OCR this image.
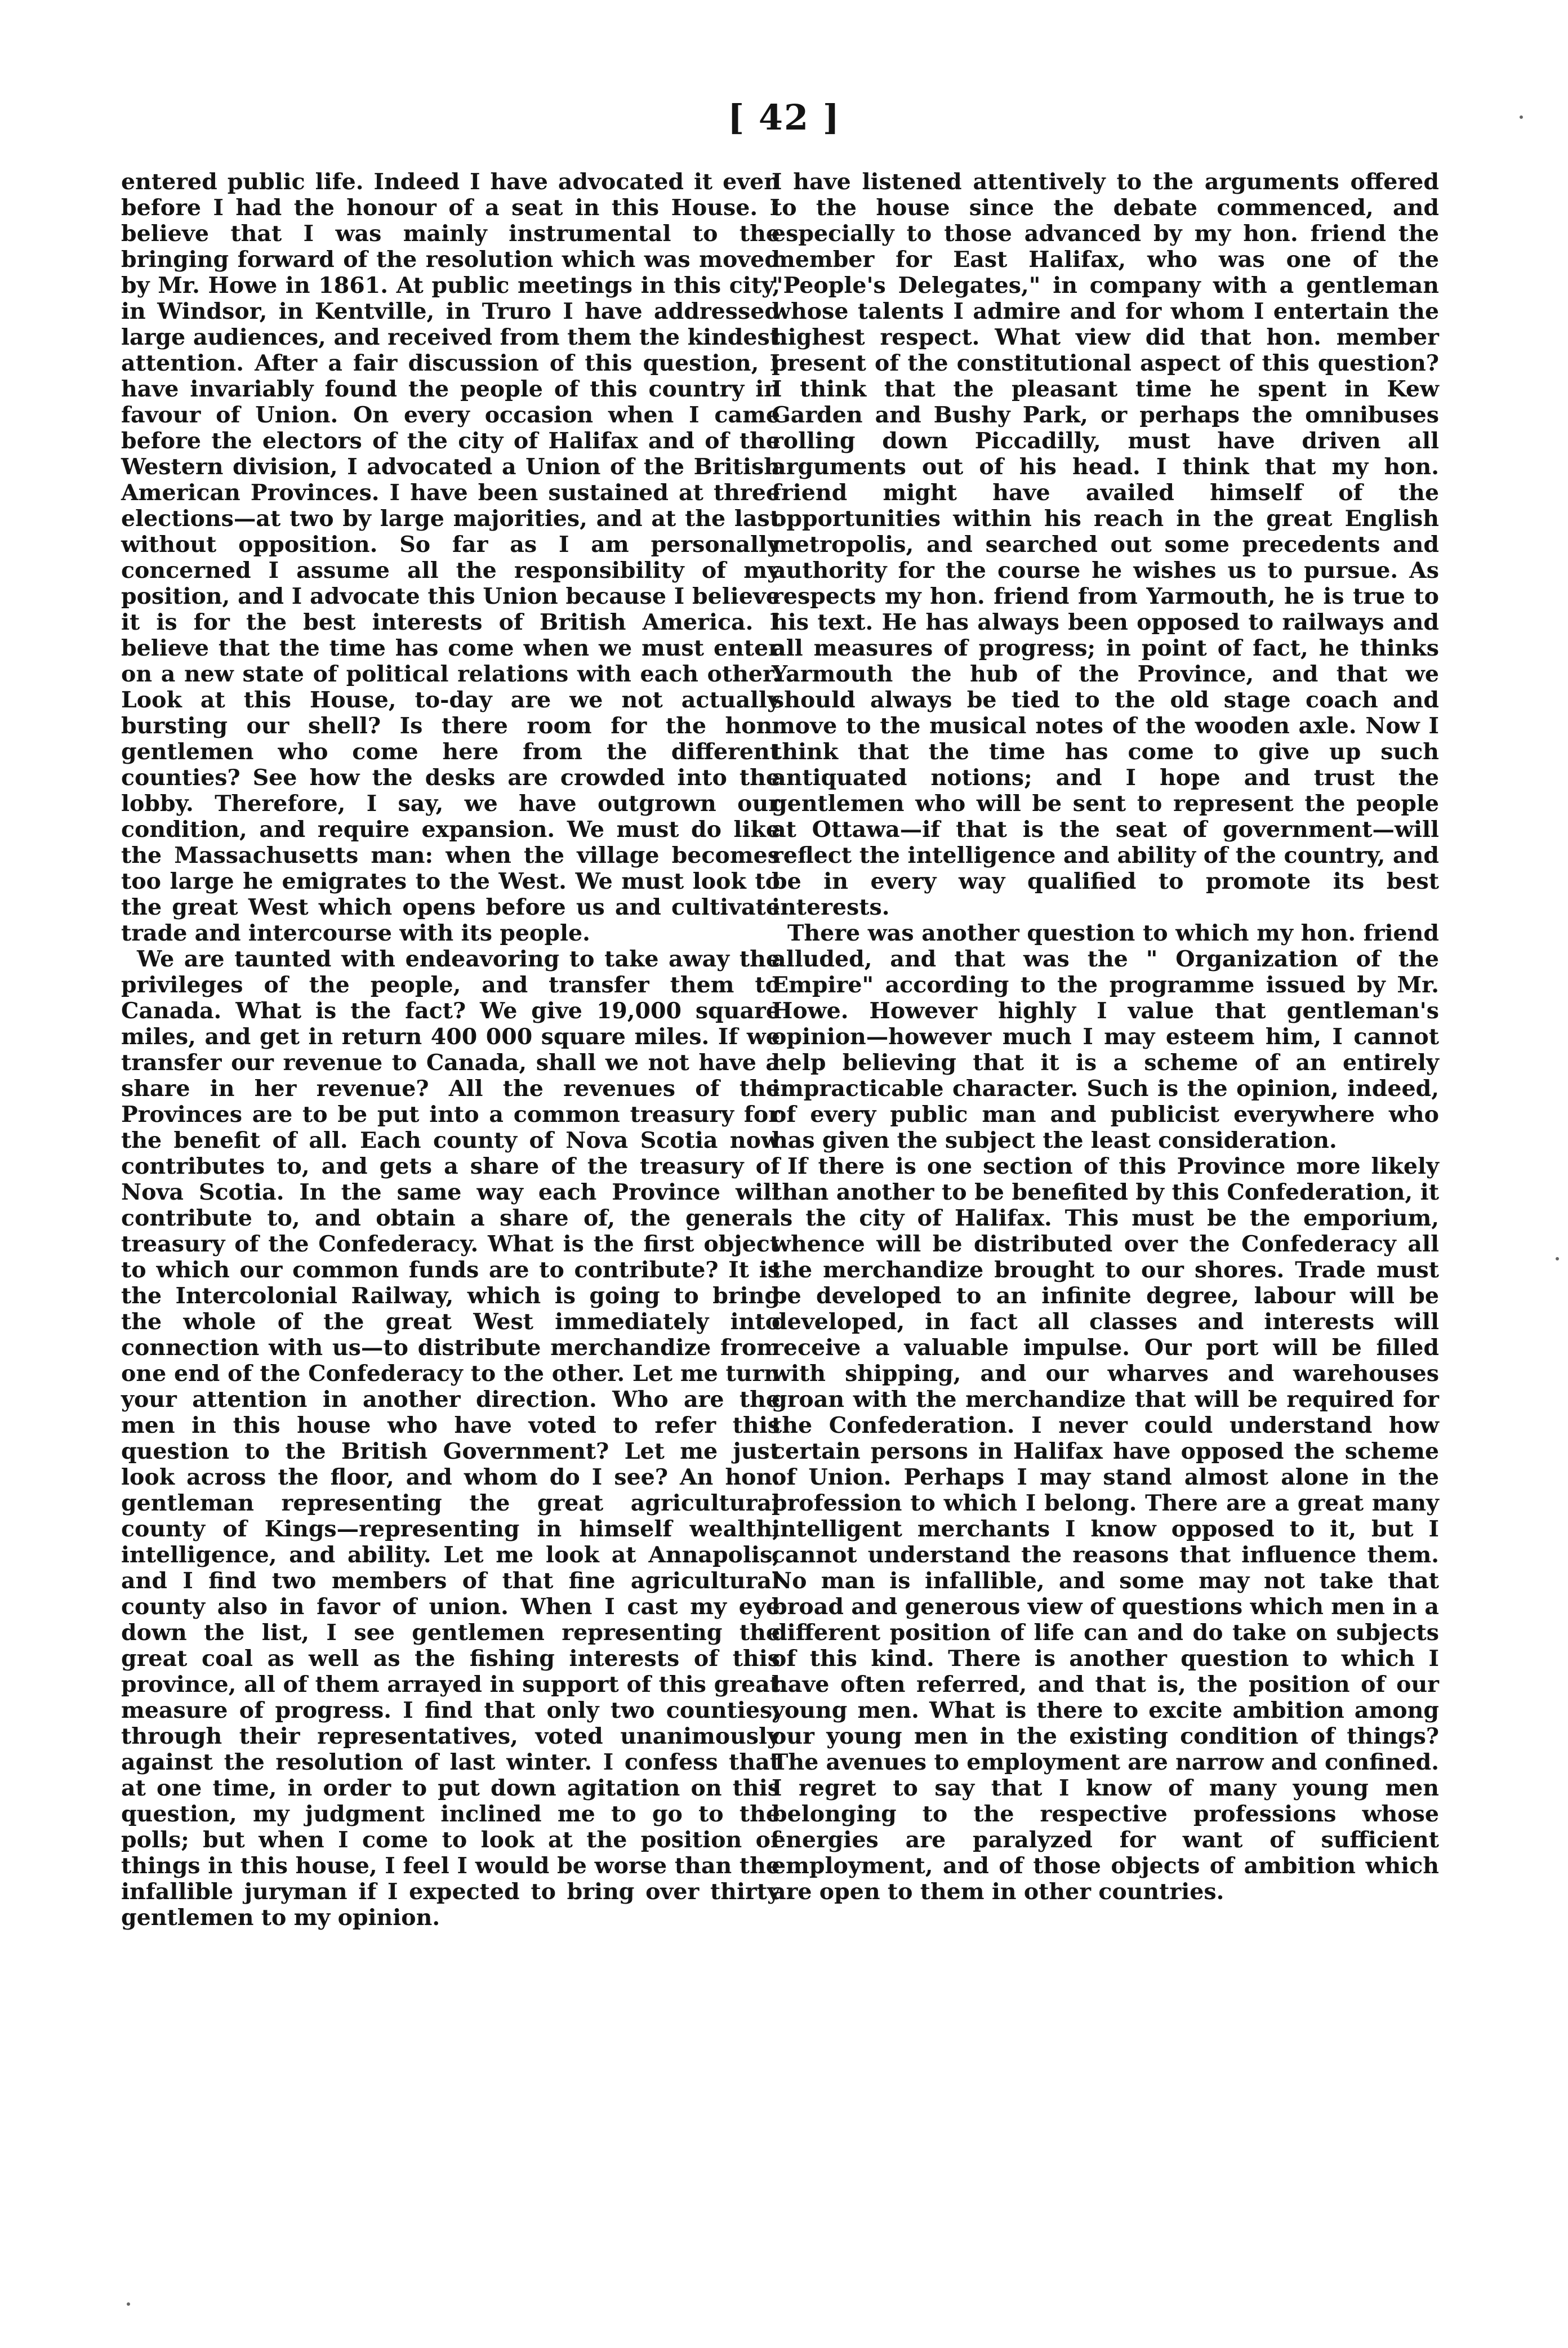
[ 42 ]

entered public life. Indeed I have advocated it even before I had the honour of a seat in this House. I believe that I was mainly instrumental to the bringing forward of the resolution which was moved by Mr. Howe in 1861. At public meetings in this city, in Windsor, in Kentville, in Truro I have addressed large audiences, and received from them the kindest attention. After a fair discussion of this question, I have invariably found the people of this country in favour of Union. On every occasion when I came before the electors of the city of Halifax and of the Western division, I advocated a Union of the British American Provinces. I have been sustained at three elections—at two by large majorities, and at the last without opposition. So far as I am personally concerned I assume all the responsibility of my position, and I advocate this Union because I believe it is for the best interests of British America. I believe that the time has come when we must enter on a new state of political relations with each other. Look at this House, to-day are we not actually bursting our shell? Is there room for the hon. gentlemen who come here from the different counties? See how the desks are crowded into the lobby. Therefore, I say, we have outgrown our condition, and require expansion. We must do like the Massachusetts man: when the village becomes too large he emigrates to the West. We must look to the great West which opens before us and cultivate trade and intercourse with its people.

We are taunted with endeavoring to take away the privileges of the people, and transfer them to Canada. What is the fact? We give 19,000 square miles, and get in return 400 000 square miles. If we transfer our revenue to Canada, shall we not have a share in her revenue? All the revenues of the Provinces are to be put into a common treasury for the benefit of all. Each county of Nova Scotia now contributes to, and gets a share of the treasury of Nova Scotia. In the same way each Province will contribute to, and obtain a share of, the general treasury of the Confederacy. What is the first object to which our common funds are to contribute? It is the Intercolonial Railway, which is going to bring the whole of the great West immediately into connection with us—to distribute merchandize from one end of the Confederacy to the other. Let me turn your attention in another direction. Who are the men in this house who have voted to refer this question to the British Government? Let me just look across the floor, and whom do I see? An hon. gentleman representing the great agricultural county of Kings—representing in himself wealth, intelligence, and ability. Let me look at Annapolis, and I find two members of that fine agricultural county also in favor of union. When I cast my eye down the list, I see gentlemen representing the great coal as well as the fishing interests of this province, all of them arrayed in support of this great measure of progress. I find that only two counties, through their representatives, voted unanimously against the resolution of last winter. I confess that at one time, in order to put down agitation on this question, my judgment inclined me to go to the polls; but when I come to look at the position of things in this house, I feel I would be worse than the infallible juryman if I expected to bring over thirty gentlemen to my opinion.

I have listened attentively to the arguments offered to the house since the debate commenced, and especially to those advanced by my hon. friend the member for East Halifax, who was one of the "People's Delegates," in company with a gentleman whose talents I admire and for whom I entertain the highest respect. What view did that hon. member present of the constitutional aspect of this question? I think that the pleasant time he spent in Kew Garden and Bushy Park, or perhaps the omnibuses rolling down Piccadilly, must have driven all arguments out of his head. I think that my hon. friend might have availed himself of the opportunities within his reach in the great English metropolis, and searched out some precedents and authority for the course he wishes us to pursue. As respects my hon. friend from Yarmouth, he is true to his text. He has always been opposed to railways and all measures of progress; in point of fact, he thinks Yarmouth the hub of the Province, and that we should always be tied to the old stage coach and move to the musical notes of the wooden axle. Now I think that the time has come to give up such antiquated notions; and I hope and trust the gentlemen who will be sent to represent the people at Ottawa—if that is the seat of government—will reflect the intelligence and ability of the country, and be in every way qualified to promote its best interests.

There was another question to which my hon. friend alluded, and that was the " Organization of the Empire" according to the programme issued by Mr. Howe. However highly I value that gentleman's opinion—however much I may esteem him, I cannot help believing that it is a scheme of an entirely impracticable character. Such is the opinion, indeed, of every public man and publicist everywhere who has given the subject the least consideration.

If there is one section of this Province more likely than another to be benefited by this Confederation, it is the city of Halifax. This must be the emporium, whence will be distributed over the Confederacy all the merchandize brought to our shores. Trade must be developed to an infinite degree, labour will be developed, in fact all classes and interests will receive a valuable impulse. Our port will be filled with shipping, and our wharves and warehouses groan with the merchandize that will be required for the Confederation. I never could understand how certain persons in Halifax have opposed the scheme of Union. Perhaps I may stand almost alone in the profession to which I belong. There are a great many intelligent merchants I know opposed to it, but I cannot understand the reasons that influence them. No man is infallible, and some may not take that broad and generous view of questions which men in a different position of life can and do take on subjects of this kind. There is another question to which I have often referred, and that is, the position of our young men. What is there to excite ambition among our young men in the existing condition of things? The avenues to employment are narrow and confined. I regret to say that I know of many young men belonging to the respective professions whose energies are paralyzed for want of sufficient employment, and of those objects of ambition which are open to them in other countries.
